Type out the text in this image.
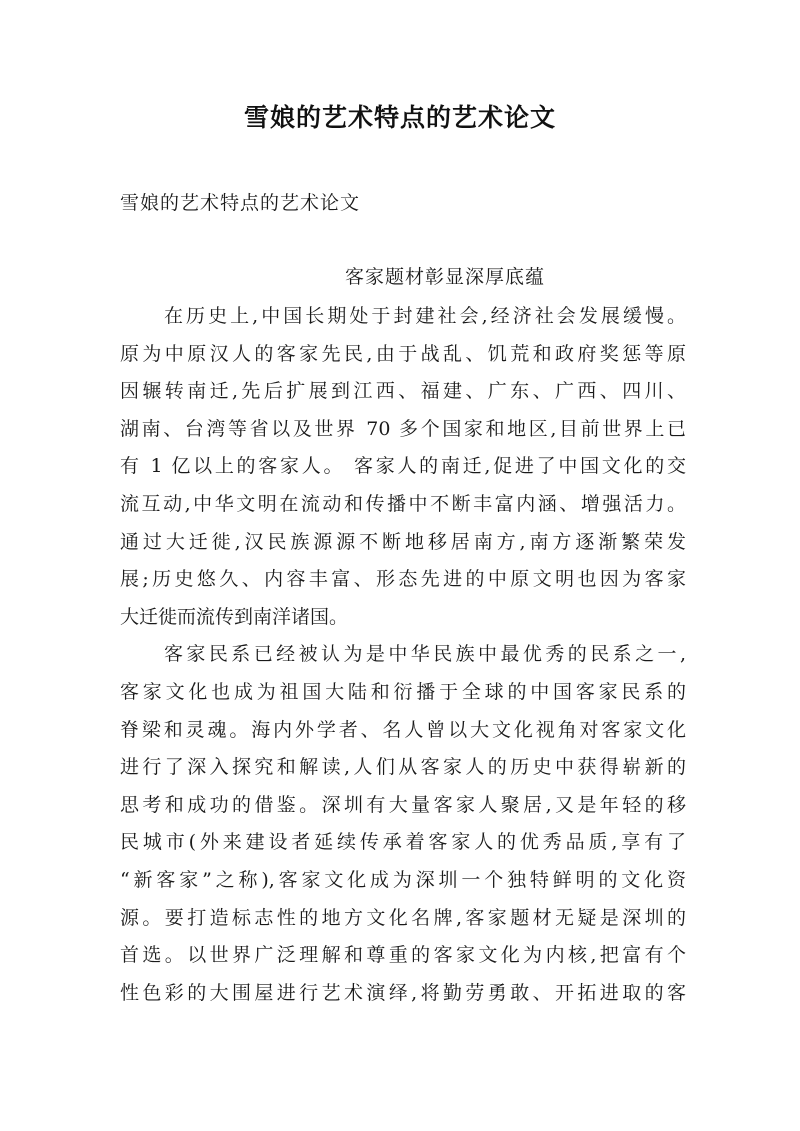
雪娘的艺术特点的艺术论文
雪娘的艺术特点的艺术论文
客家题材彰显深厚底蕴
在历史上,中国长期处于封建社会,经济社会发展缓慢。
原为中原汉人的客家先民,由于战乱、饥荒和政府奖惩等原
因辗转南迁,先后扩展到江西、福建、广东、广西、四川、
湖南、台湾等省以及世界 70 多个国家和地区,目前世界上已
有 1 亿以上的客家人。 客家人的南迁,促进了中国文化的交
流互动,中华文明在流动和传播中不断丰富内涵、增强活力。
通过大迁徙,汉民族源源不断地移居南方,南方逐渐繁荣发
展;历史悠久、内容丰富、形态先进的中原文明也因为客家
大迁徙而流传到南洋诸国。
客家民系已经被认为是中华民族中最优秀的民系之一,
客家文化也成为祖国大陆和衍播于全球的中国客家民系的
脊梁和灵魂。海内外学者、名人曾以大文化视角对客家文化
进行了深入探究和解读,人们从客家人的历史中获得崭新的
思考和成功的借鉴。深圳有大量客家人聚居,又是年轻的移
民城市(外来建设者延续传承着客家人的优秀品质,享有了
“新客家”之称),客家文化成为深圳一个独特鲜明的文化资
源。要打造标志性的地方文化名牌,客家题材无疑是深圳的
首选。以世界广泛理解和尊重的客家文化为内核,把富有个
性色彩的大围屋进行艺术演绎,将勤劳勇敢、开拓进取的客
